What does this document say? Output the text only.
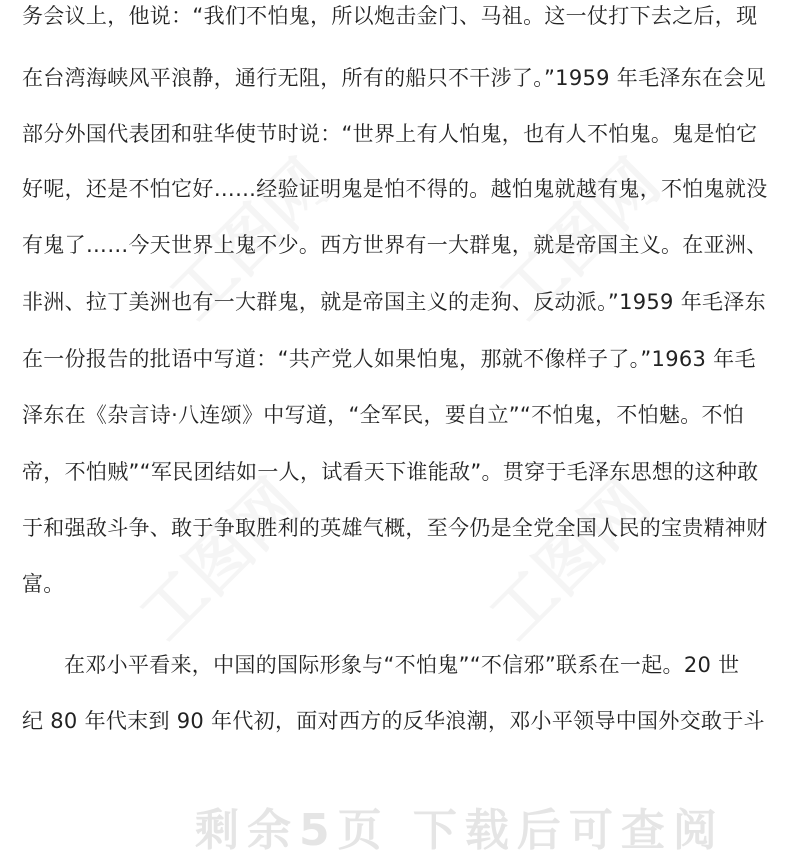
工图网 工图网
工图网	工图网
务会议上，他说：“我们不怕鬼，所以炮击金门、马祖。这一仗打下去之后，现
在台湾海峡风平浪静，通行无阻，所有的船只不干涉了。”1959 年毛泽东在会见
部分外国代表团和驻华使节时说：“世界上有人怕鬼，也有人不怕鬼。鬼是怕它
好呢，还是不怕它好……经验证明鬼是怕不得的。越怕鬼就越有鬼，不怕鬼就没
有鬼了……今天世界上鬼不少。西方世界有一大群鬼，就是帝国主义。在亚洲、
非洲、拉丁美洲也有一大群鬼，就是帝国主义的走狗、反动派。”1959 年毛泽东
在一份报告的批语中写道：“共产党人如果怕鬼，那就不像样子了。”1963 年毛
泽东在《杂言诗·八连颂》中写道，“全军民，要自立”“不怕鬼，不怕魅。不怕
帝，不怕贼”“军民团结如一人，试看天下谁能敌”。贯穿于毛泽东思想的这种敢
于和强敌斗争、敢于争取胜利的英雄气概，至今仍是全党全国人民的宝贵精神财
富。
在邓小平看来，中国的国际形象与“不怕鬼”“不信邪”联系在一起。20 世
纪 80 年代末到 90 年代初，面对西方的反华浪潮，邓小平领导中国外交敢于斗
剩余5页 下载后可查阅
